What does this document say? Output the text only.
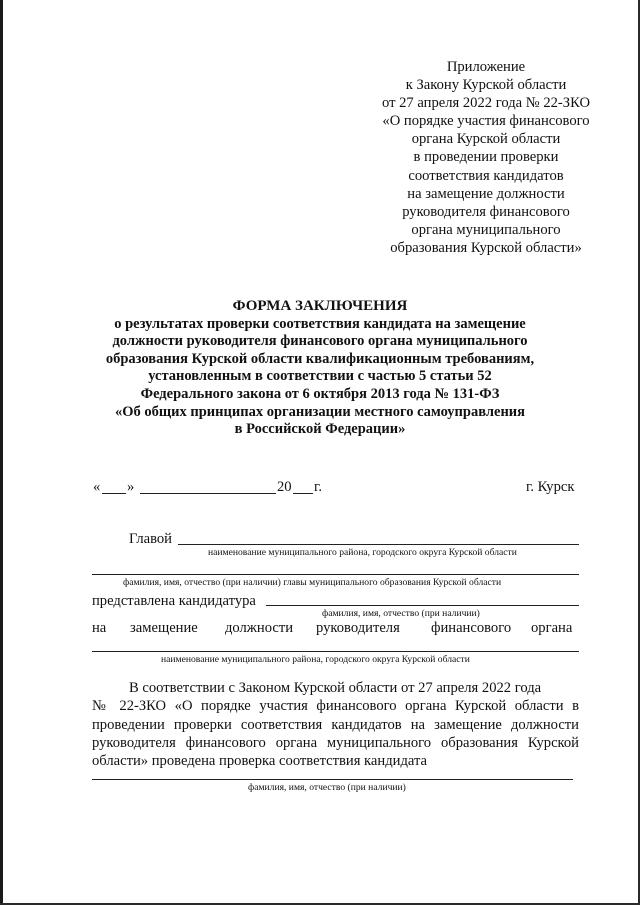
Приложение
к Закону Курской области
от 27 апреля 2022 года № 22-ЗКО
«О порядке участия финансового
органа Курской области
в проведении проверки
соответствия кандидатов
на замещение должности
руководителя финансового
органа муниципального
образования Курской области»
ФОРМА ЗАКЛЮЧЕНИЯ
о результатах проверки соответствия кандидата на замещение
должности руководителя финансового органа муниципального
образования Курской области квалификационным требованиям,
установленным в соответствии с частью 5 статьи 52
Федерального закона от 6 октября 2013 года № 131-ФЗ
«Об общих принципах организации местного самоуправления
в Российской Федерации»
« »	20 г.	г. Курск
Главой
наименование муниципального района, городского округа Курской области
фамилия, имя, отчество (при наличии) главы муниципального образования Курской области
представлена кандидатура
фамилия, имя, отчество (при наличии)
на замещение должности руководителя финансового органа
наименование муниципального района, городского округа Курской области
В соответствии с Законом Курской области от 27 апреля 2022 года
№ 22-ЗКО «О порядке участия финансового органа Курской области в
проведении проверки соответствия кандидатов на замещение должности
руководителя финансового органа муниципального образования Курской
области» проведена проверка соответствия кандидата
фамилия, имя, отчество (при наличии)
